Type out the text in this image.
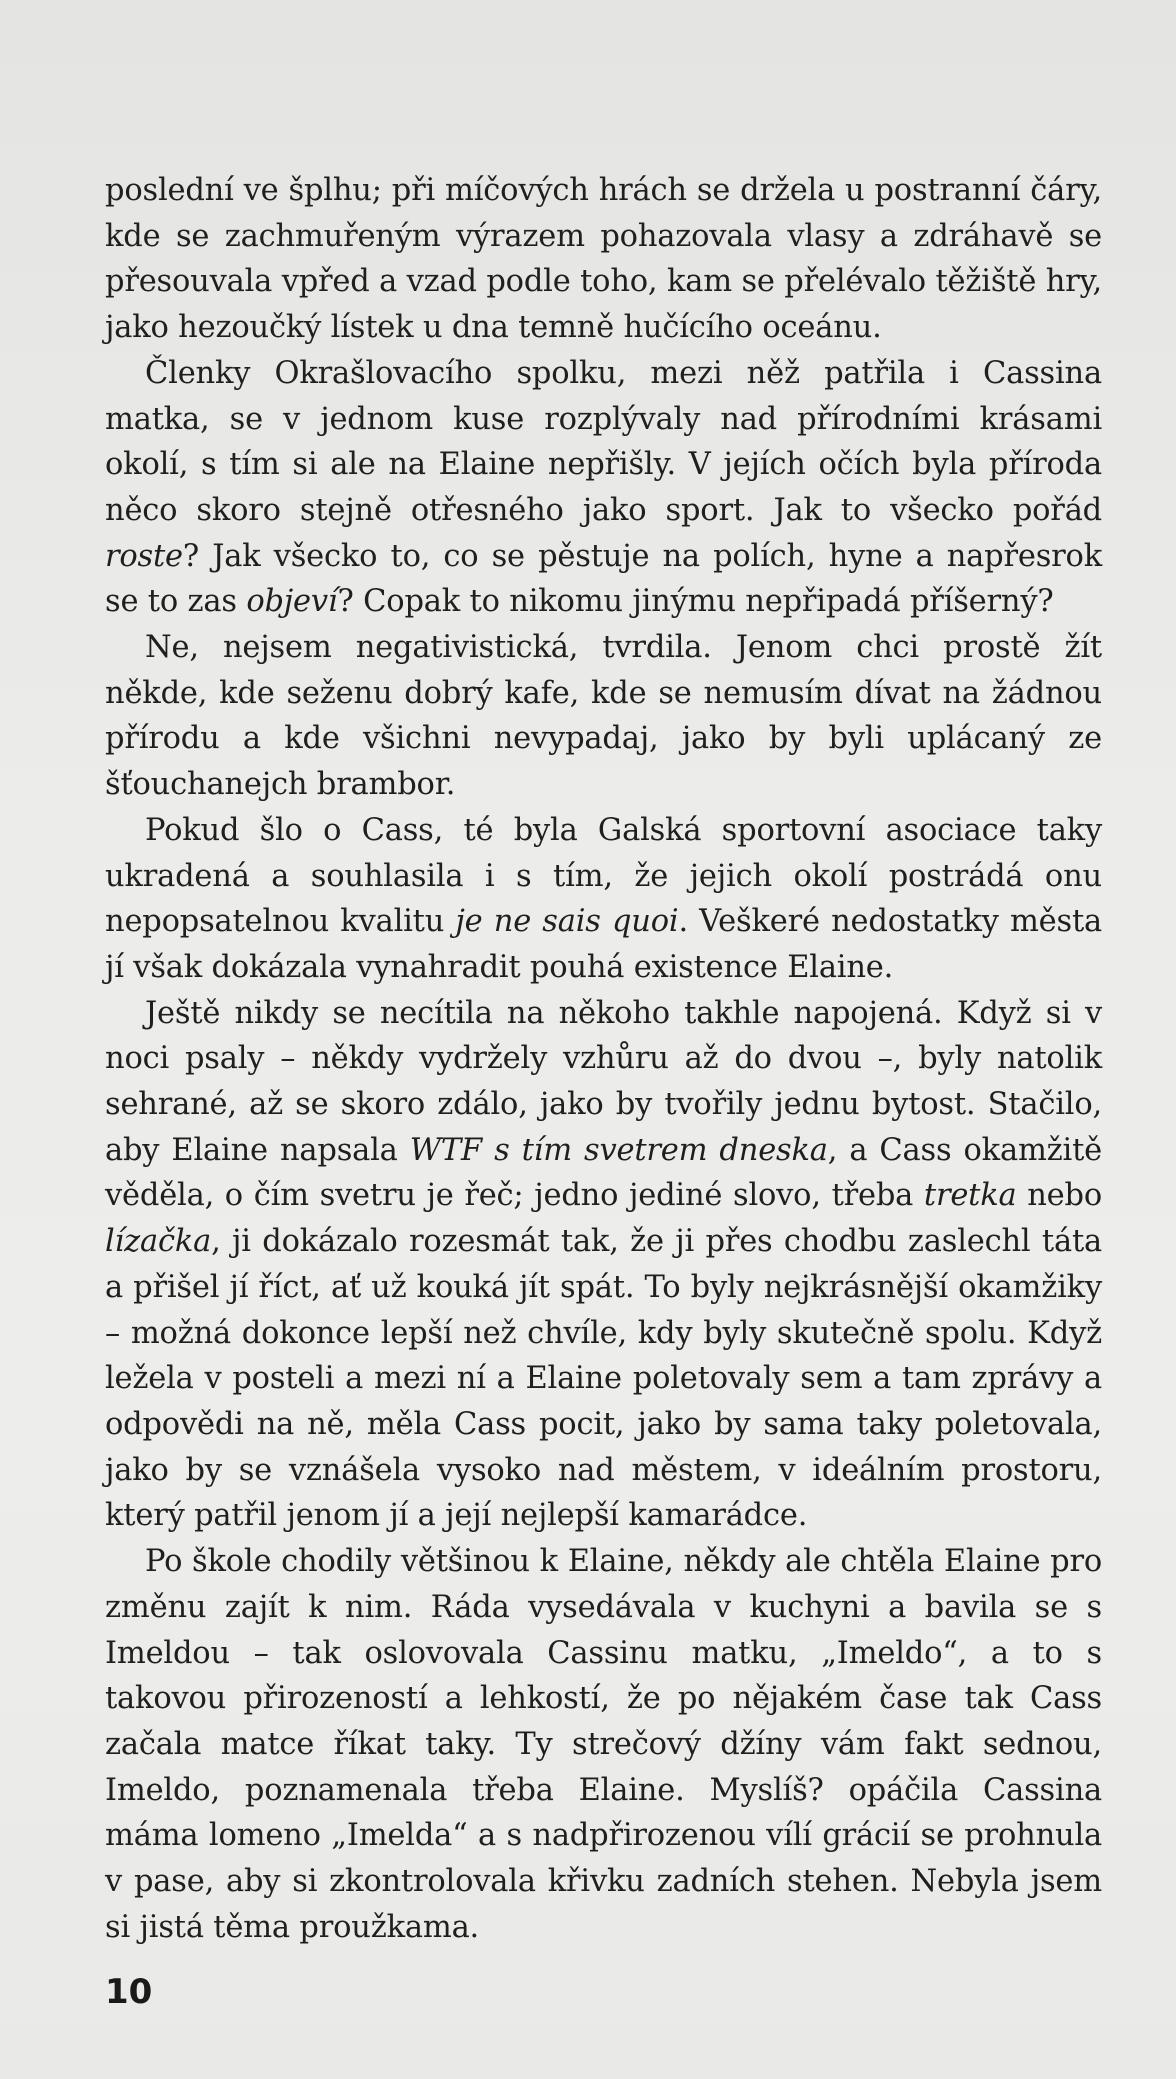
poslední ve šplhu; při míčových hrách se držela u postranní čáry, kde se zachmuřeným výrazem pohazovala vlasy a zdráhavě se přesouvala vpřed a vzad podle toho, kam se přelévalo těžiště hry, jako hezoučký lístek u dna temně hučícího oceánu.

Členky Okrašlovacího spolku, mezi něž patřila i Cassina matka, se v jednom kuse rozplývaly nad přírodními krásami okolí, s tím si ale na Elaine nepřišly. V jejích očích byla příroda něco skoro stejně otřesného jako sport. Jak to všecko pořád roste? Jak všecko to, co se pěstuje na polích, hyne a napřesrok se to zas objeví? Copak to nikomu jinýmu nepřipadá příšerný?

Ne, nejsem negativistická, tvrdila. Jenom chci prostě žít někde, kde seženu dobrý kafe, kde se nemusím dívat na žádnou přírodu a kde všichni nevypadaj, jako by byli uplácaný ze šťouchanejch brambor.

Pokud šlo o Cass, té byla Galská sportovní asociace taky ukradená a souhlasila i s tím, že jejich okolí postrádá onu nepopsatelnou kvalitu je ne sais quoi. Veškeré nedostatky města jí však dokázala vynahradit pouhá existence Elaine.

Ještě nikdy se necítila na někoho takhle napojená. Když si v noci psaly – někdy vydržely vzhůru až do dvou –, byly natolik sehrané, až se skoro zdálo, jako by tvořily jednu bytost. Stačilo, aby Elaine napsala WTF s tím svetrem dneska, a Cass okamžitě věděla, o čím svetru je řeč; jedno jediné slovo, třeba tretka nebo lízačka, ji dokázalo rozesmát tak, že ji přes chodbu zaslechl táta a přišel jí říct, ať už kouká jít spát. To byly nejkrásnější okamžiky – možná dokonce lepší než chvíle, kdy byly skutečně spolu. Když ležela v posteli a mezi ní a Elaine poletovaly sem a tam zprávy a odpovědi na ně, měla Cass pocit, jako by sama taky poletovala, jako by se vznášela vysoko nad městem, v ideálním prostoru, který patřil jenom jí a její nejlepší kamarádce.

Po škole chodily většinou k Elaine, někdy ale chtěla Elaine pro změnu zajít k nim. Ráda vysedávala v kuchyni a bavila se s Imeldou – tak oslovovala Cassinu matku, „Imeldo“, a to s takovou přirozeností a lehkostí, že po nějakém čase tak Cass začala matce říkat taky. Ty strečový džíny vám fakt sednou, Imeldo, poznamenala třeba Elaine. Myslíš? opáčila Cassina máma lomeno „Imelda“ a s nadpřirozenou vílí grácií se prohnula v pase, aby si zkontrolovala křivku zadních stehen. Nebyla jsem si jistá těma proužkama.

10
